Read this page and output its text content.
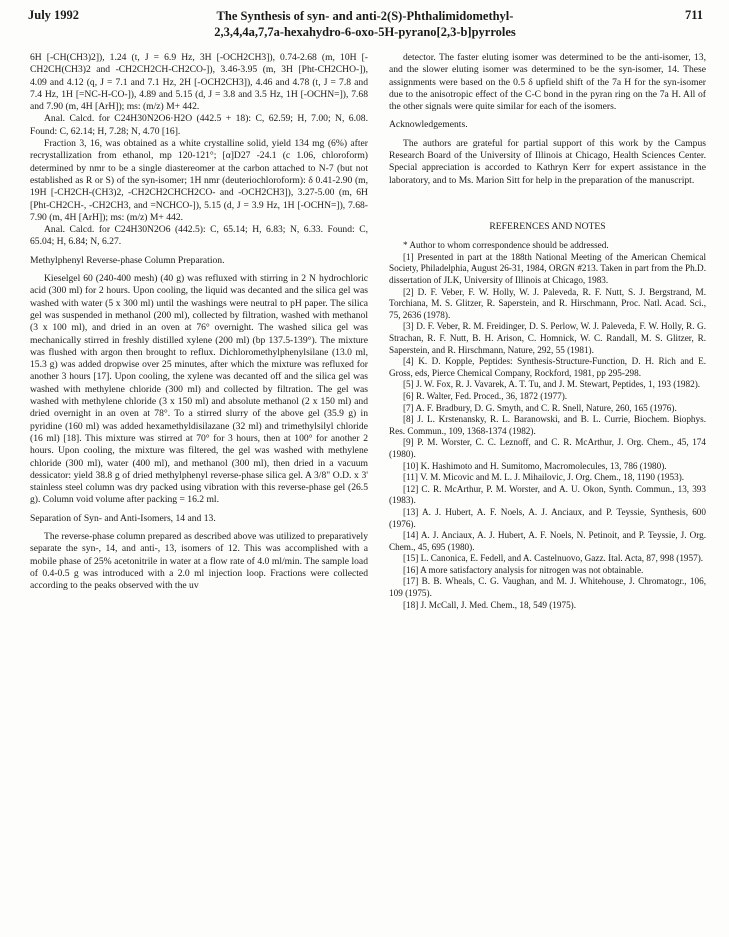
July 1992	The Synthesis of syn- and anti-2(S)-Phthalimidomethyl-
2,3,4,4a,7,7a-hexahydro-6-oxo-5H-pyrano[2,3-b]pyrroles
711

6H [-CH(CH3)2]), 1.24 (t, J = 6.9 Hz, 3H [-OCH2CH3]), 0.74-2.68 (m, 10H [-CH2CH(CH3)2 and -CH2CH2CH-CH2CO-]), 3.46-3.95 (m, 3H [Pht-CH2CHO-]), 4.09 and 4.12 (q, J = 7.1 and 7.1 Hz, 2H [-OCH2CH3]), 4.46 and 4.78 (t, J = 7.8 and 7.4 Hz, 1H [=NC-H-CO-]), 4.89 and 5.15 (d, J = 3.8 and 3.5 Hz, 1H [-OCHN=]), 7.68 and 7.90 (m, 4H [ArH]); ms: (m/z) M+ 442.

Anal. Calcd. for C24H30N2O6·H2O (442.5 + 18): C, 62.59; H, 7.00; N, 6.08. Found: C, 62.14; H, 7.28; N, 4.70 [16].

Fraction 3, 16, was obtained as a white crystalline solid, yield 134 mg (6%) after recrystallization from ethanol, mp 120-121°; [α]D27 -24.1 (c 1.06, chloroform) determined by nmr to be a single diastereomer at the carbon attached to N-7 (but not established as R or S) of the syn-isomer; 1H nmr (deuteriochloroform): δ 0.41-2.90 (m, 19H [-CH2CH-(CH3)2, -CH2CH2CHCH2CO- and -OCH2CH3]), 3.27-5.00 (m, 6H [Pht-CH2CH-, -CH2CH3, and =NCHCO-]), 5.15 (d, J = 3.9 Hz, 1H [-OCHN=]), 7.68-7.90 (m, 4H [ArH]); ms: (m/z) M+ 442.

Anal. Calcd. for C24H30N2O6 (442.5): C, 65.14; H, 6.83; N, 6.33. Found: C, 65.04; H, 6.84; N, 6.27.

Methylphenyl Reverse-phase Column Preparation.

Kieselgel 60 (240-400 mesh) (40 g) was refluxed with stirring in 2 N hydrochloric acid (300 ml) for 2 hours. Upon cooling, the liquid was decanted and the silica gel was washed with water (5 x 300 ml) until the washings were neutral to pH paper. The silica gel was suspended in methanol (200 ml), collected by filtration, washed with methanol (3 x 100 ml), and dried in an oven at 76° overnight. The washed silica gel was mechanically stirred in freshly distilled xylene (200 ml) (bp 137.5-139°). The mixture was flushed with argon then brought to reflux. Dichloromethylphenylsilane (13.0 ml, 15.3 g) was added dropwise over 25 minutes, after which the mixture was refluxed for another 3 hours [17]. Upon cooling, the xylene was decanted off and the silica gel was washed with methylene chloride (300 ml) and collected by filtration. The gel was washed with methylene chloride (3 x 150 ml) and absolute methanol (2 x 150 ml) and dried overnight in an oven at 78°. To a stirred slurry of the above gel (35.9 g) in pyridine (160 ml) was added hexamethyldisilazane (32 ml) and trimethylsilyl chloride (16 ml) [18]. This mixture was stirred at 70° for 3 hours, then at 100° for another 2 hours. Upon cooling, the mixture was filtered, the gel was washed with methylene chloride (300 ml), water (400 ml), and methanol (300 ml), then dried in a vacuum dessicator: yield 38.8 g of dried methylphenyl reverse-phase silica gel. A 3/8" O.D. x 3' stainless steel column was dry packed using vibration with this reverse-phase gel (26.5 g). Column void volume after packing = 16.2 ml.

Separation of Syn- and Anti-Isomers, 14 and 13.

The reverse-phase column prepared as described above was utilized to preparatively separate the syn-, 14, and anti-, 13, isomers of 12. This was accomplished with a mobile phase of 25% acetonitrile in water at a flow rate of 4.0 ml/min. The sample load of 0.4-0.5 g was introduced with a 2.0 ml injection loop. Fractions were collected according to the peaks observed with the uv

detector. The faster eluting isomer was determined to be the anti-isomer, 13, and the slower eluting isomer was determined to be the syn-isomer, 14. These assignments were based on the 0.5 δ upfield shift of the 7a H for the syn-isomer due to the anisotropic effect of the C-C bond in the pyran ring on the 7a H. All of the other signals were quite similar for each of the isomers.

Acknowledgements.

The authors are grateful for partial support of this work by the Campus Research Board of the University of Illinois at Chicago, Health Sciences Center. Special appreciation is accorded to Kathryn Kerr for expert assistance in the laboratory, and to Ms. Marion Sitt for help in the preparation of the manuscript.

REFERENCES AND NOTES

* Author to whom correspondence should be addressed.

[1] Presented in part at the 188th National Meeting of the American Chemical Society, Philadelphia, August 26-31, 1984, ORGN #213. Taken in part from the Ph.D. dissertation of JLK, University of Illinois at Chicago, 1983.

[2] D. F. Veber, F. W. Holly, W. J. Paleveda, R. F. Nutt, S. J. Bergstrand, M. Torchiana, M. S. Glitzer, R. Saperstein, and R. Hirschmann, Proc. Natl. Acad. Sci., 75, 2636 (1978).

[3] D. F. Veber, R. M. Freidinger, D. S. Perlow, W. J. Paleveda, F. W. Holly, R. G. Strachan, R. F. Nutt, B. H. Arison, C. Homnick, W. C. Randall, M. S. Glitzer, R. Saperstein, and R. Hirschmann, Nature, 292, 55 (1981).

[4] K. D. Kopple, Peptides: Synthesis-Structure-Function, D. H. Rich and E. Gross, eds, Pierce Chemical Company, Rockford, 1981, pp 295-298.

[5] J. W. Fox, R. J. Vavarek, A. T. Tu, and J. M. Stewart, Peptides, 1, 193 (1982).

[6] R. Walter, Fed. Proced., 36, 1872 (1977).

[7] A. F. Bradbury, D. G. Smyth, and C. R. Snell, Nature, 260, 165 (1976).

[8] J. L. Krstenansky, R. L. Baranowski, and B. L. Currie, Biochem. Biophys. Res. Commun., 109, 1368-1374 (1982).

[9] P. M. Worster, C. C. Leznoff, and C. R. McArthur, J. Org. Chem., 45, 174 (1980).

[10] K. Hashimoto and H. Sumitomo, Macromolecules, 13, 786 (1980).

[11] V. M. Micovic and M. L. J. Mihailovic, J. Org. Chem., 18, 1190 (1953).

[12] C. R. McArthur, P. M. Worster, and A. U. Okon, Synth. Commun., 13, 393 (1983).

[13] A. J. Hubert, A. F. Noels, A. J. Anciaux, and P. Teyssie, Synthesis, 600 (1976).

[14] A. J. Anciaux, A. J. Hubert, A. F. Noels, N. Petinoit, and P. Teyssie, J. Org. Chem., 45, 695 (1980).

[15] L. Canonica, E. Fedell, and A. Castelnuovo, Gazz. Ital. Acta, 87, 998 (1957).

[16] A more satisfactory analysis for nitrogen was not obtainable.

[17] B. B. Wheals, C. G. Vaughan, and M. J. Whitehouse, J. Chromatogr., 106, 109 (1975).

[18] J. McCall, J. Med. Chem., 18, 549 (1975).
